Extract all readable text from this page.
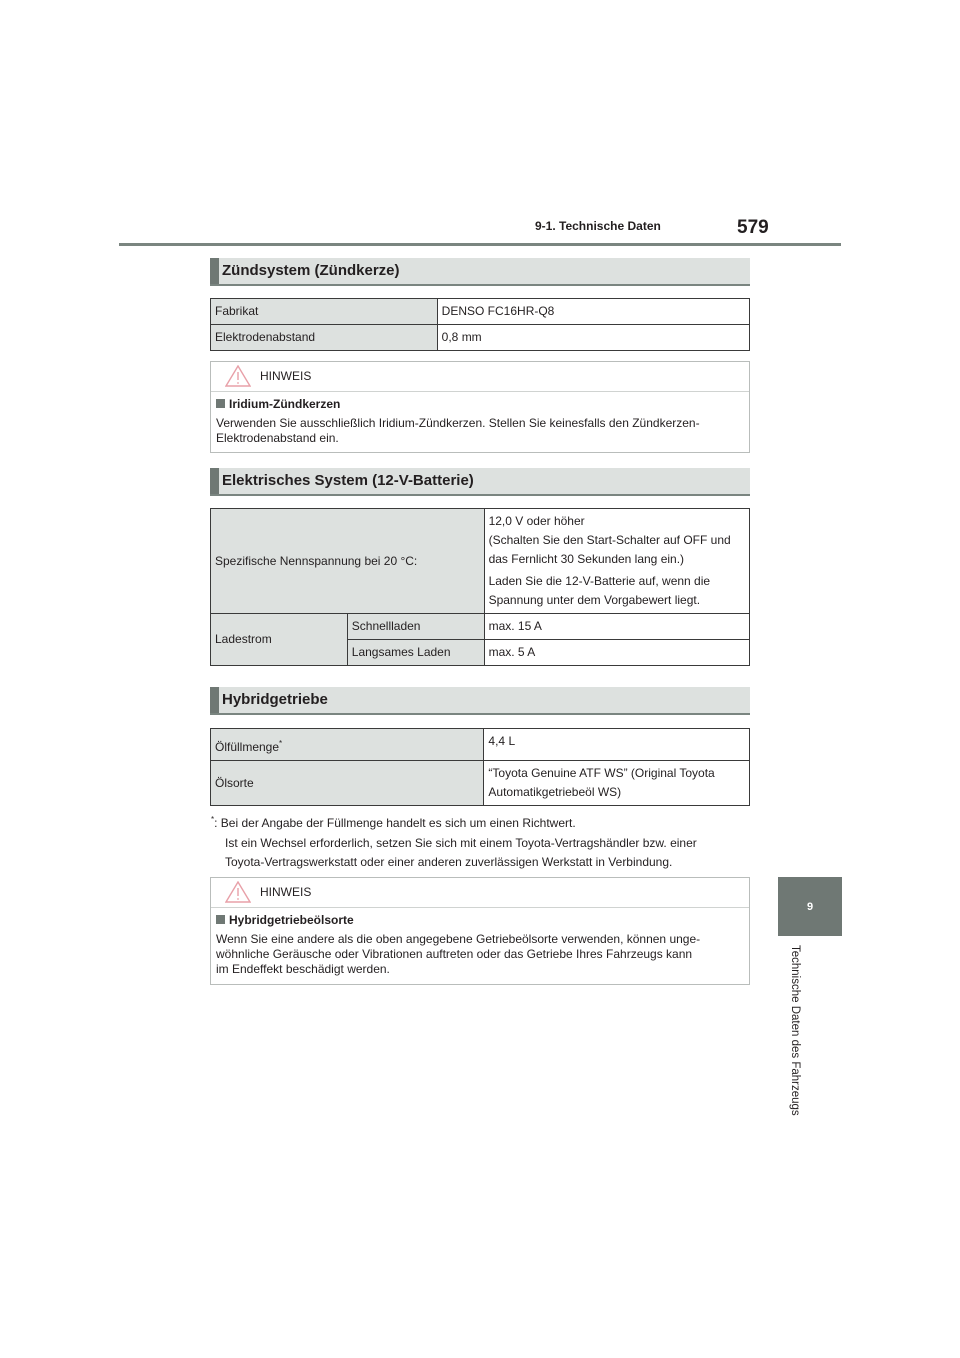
9-1. Technische Daten	579
9
Technische Daten des Fahrzeugs
Zündsystem (Zündkerze)
Fabrikat	DENSO FC16HR-Q8
Elektrodenabstand	0,8 mm
HINWEIS
Iridium-Zündkerzen
Verwenden Sie ausschließlich Iridium-Zündkerzen. Stellen Sie keinesfalls den Zündkerzen-Elektrodenabstand ein.
Elektrisches System (12-V-Batterie)
Spezifische Nennspannung bei 20 °C:		12,0 V oder höher
(Schalten Sie den Start-Schalter auf OFF und
das Fernlicht 30 Sekunden lang ein.)
Laden Sie die 12-V-Batterie auf, wenn die
Spannung unter dem Vorgabewert liegt.

Ladestrom	Schnellladen	max. 15 A
	Langsames Laden	max. 5 A
Hybridgetriebe
Ölfüllmenge*	4,4 L
Ölsorte	“Toyota Genuine ATF WS” (Original Toyota
Automatikgetriebeöl WS)
*: Bei der Angabe der Füllmenge handelt es sich um einen Richtwert.
Ist ein Wechsel erforderlich, setzen Sie sich mit einem Toyota-Vertragshändler bzw. einer
Toyota-Vertragswerkstatt oder einer anderen zuverlässigen Werkstatt in Verbindung.
HINWEIS
Hybridgetriebeölsorte
Wenn Sie eine andere als die oben angegebene Getriebeölsorte verwenden, können unge-
wöhnliche Geräusche oder Vibrationen auftreten oder das Getriebe Ihres Fahrzeugs kann
im Endeffekt beschädigt werden.
